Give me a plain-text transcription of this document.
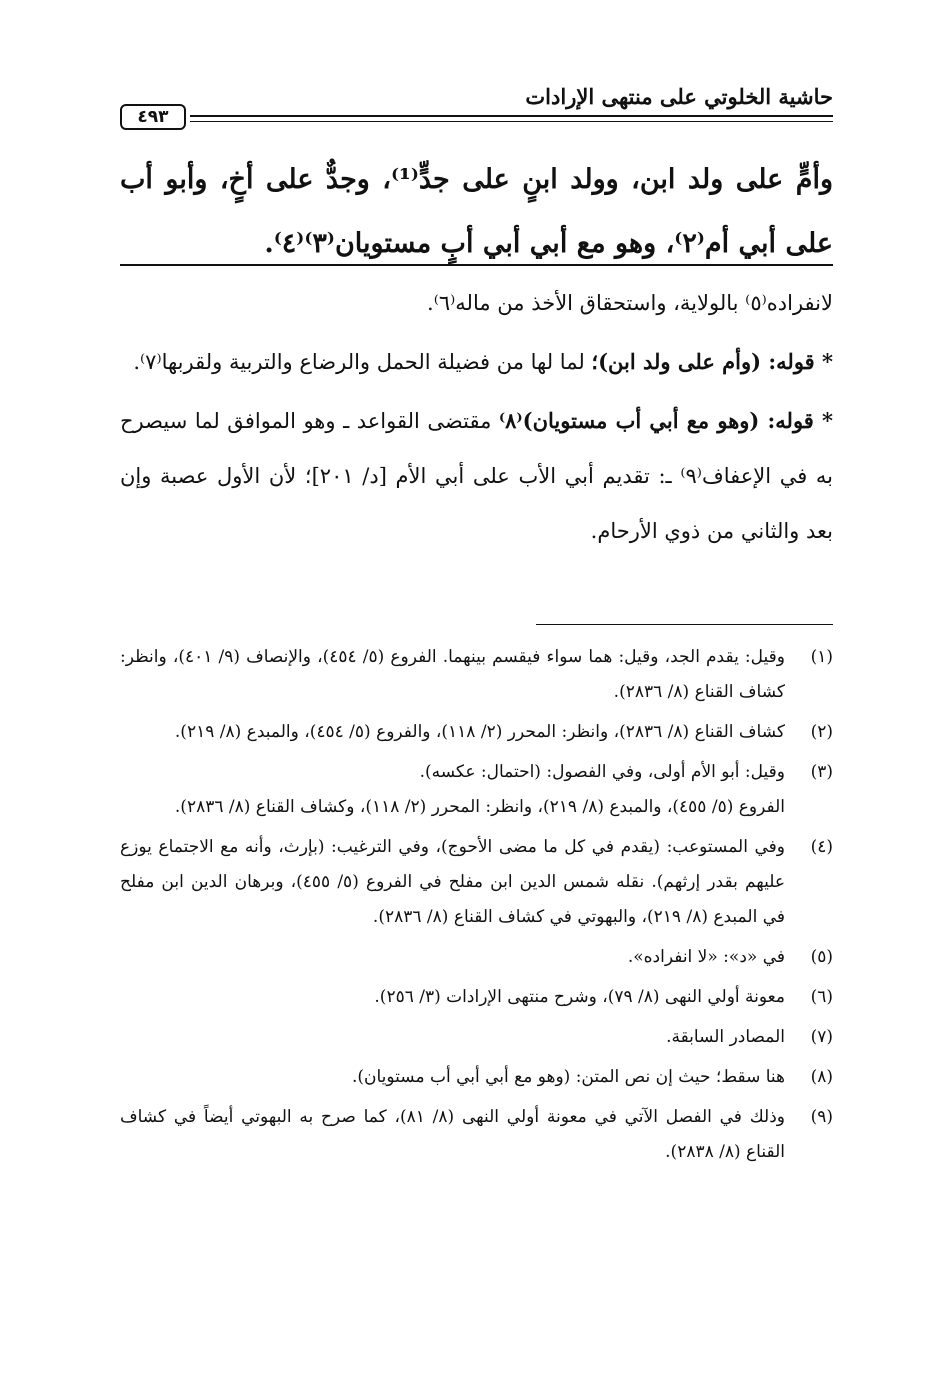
حاشية الخلوتي على منتهى الإرادات
٤٩٣
وأمٍّ على ولد ابن، وولد ابنٍ على جدٍّ⁽¹⁾، وجدٌّ على أخٍ، وأبو أب على أبي أم⁽٢⁾، وهو مع أبي أبي أبٍ مستويان⁽٣⁾⁽٤⁾.

لانفراده⁽٥⁾ بالولاية، واستحقاق الأخذ من ماله⁽٦⁾.

* قوله: (وأم على ولد ابن)؛ لما لها من فضيلة الحمل والرضاع والتربية ولقربها⁽٧⁾.

* قوله: (وهو مع أبي أب مستويان)⁽٨⁾ مقتضى القواعد ـ وهو الموافق لما سيصرح به في الإعفاف⁽٩⁾ ـ: تقديم أبي الأب على أبي الأم [د/ ٢٠١]؛ لأن الأول عصبة وإن بعد والثاني من ذوي الأرحام.

(١)

وقيل: يقدم الجد، وقيل: هما سواء فيقسم بينهما. الفروع (٥/ ٤٥٤)، والإنصاف (٩/ ٤٠١)، وانظر: كشاف القناع (٨/ ٢٨٣٦).

(٢)

كشاف القناع (٨/ ٢٨٣٦)، وانظر: المحرر (٢/ ١١٨)، والفروع (٥/ ٤٥٤)، والمبدع (٨/ ٢١٩).

(٣)

وقيل: أبو الأم أولى، وفي الفصول: (احتمال: عكسه).

الفروع (٥/ ٤٥٥)، والمبدع (٨/ ٢١٩)، وانظر: المحرر (٢/ ١١٨)، وكشاف القناع (٨/ ٢٨٣٦).

(٤)

وفي المستوعب: (يقدم في كل ما مضى الأحوج)، وفي الترغيب: (بإرث، وأنه مع الاجتماع يوزع عليهم بقدر إرثهم). نقله شمس الدين ابن مفلح في الفروع (٥/ ٤٥٥)، وبرهان الدين ابن مفلح في المبدع (٨/ ٢١٩)، والبهوتي في كشاف القناع (٨/ ٢٨٣٦).

(٥)

في «د»: «لا انفراده».

(٦)

معونة أولي النهى (٨/ ٧٩)، وشرح منتهى الإرادات (٣/ ٢٥٦).

(٧)

المصادر السابقة.

(٨)

هنا سقط؛ حيث إن نص المتن: (وهو مع أبي أبي أب مستويان).

(٩)

وذلك في الفصل الآتي في معونة أولي النهى (٨/ ٨١)، كما صرح به البهوتي أيضاً في كشاف القناع (٨/ ٢٨٣٨).
